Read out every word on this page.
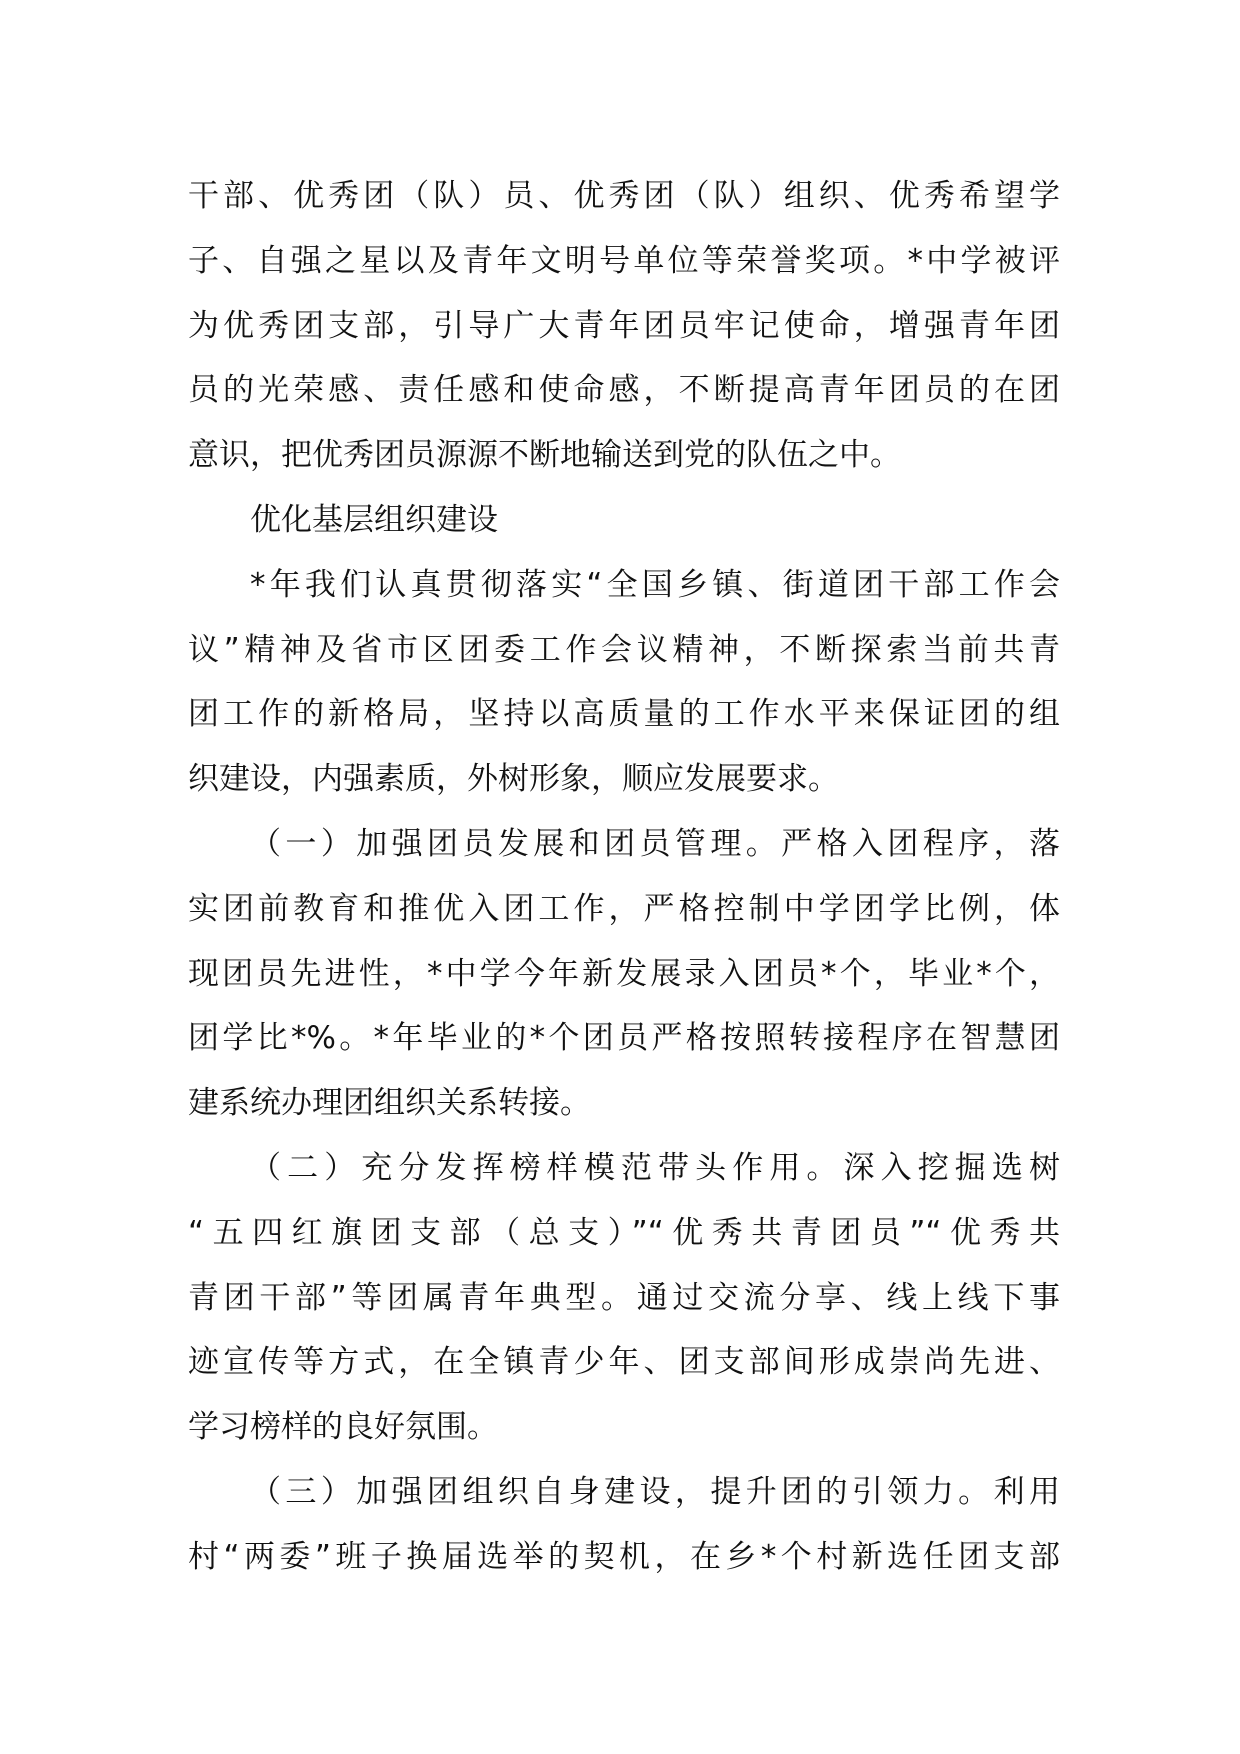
干部、优秀团（队）员、优秀团（队）组织、优秀希望学
子、自强之星以及青年文明号单位等荣誉奖项。*中学被评
为优秀团支部，引导广大青年团员牢记使命，增强青年团
员的光荣感、责任感和使命感，不断提高青年团员的在团
意识，把优秀团员源源不断地输送到党的队伍之中。
优化基层组织建设
*年我们认真贯彻落实“全国乡镇、街道团干部工作会
议”精神及省市区团委工作会议精神，不断探索当前共青
团工作的新格局，坚持以高质量的工作水平来保证团的组
织建设，内强素质，外树形象，顺应发展要求。
（一）加强团员发展和团员管理。严格入团程序，落
实团前教育和推优入团工作，严格控制中学团学比例，体
现团员先进性，*中学今年新发展录入团员*个，毕业*个，
团学比*%。*年毕业的*个团员严格按照转接程序在智慧团
建系统办理团组织关系转接。
（二）充分发挥榜样模范带头作用。深入挖掘选树
“五四红旗团支部（总支）”“优秀共青团员”“优秀共
青团干部”等团属青年典型。通过交流分享、线上线下事
迹宣传等方式，在全镇青少年、团支部间形成崇尚先进、
学习榜样的良好氛围。
（三）加强团组织自身建设，提升团的引领力。利用
村“两委”班子换届选举的契机，在乡*个村新选任团支部
